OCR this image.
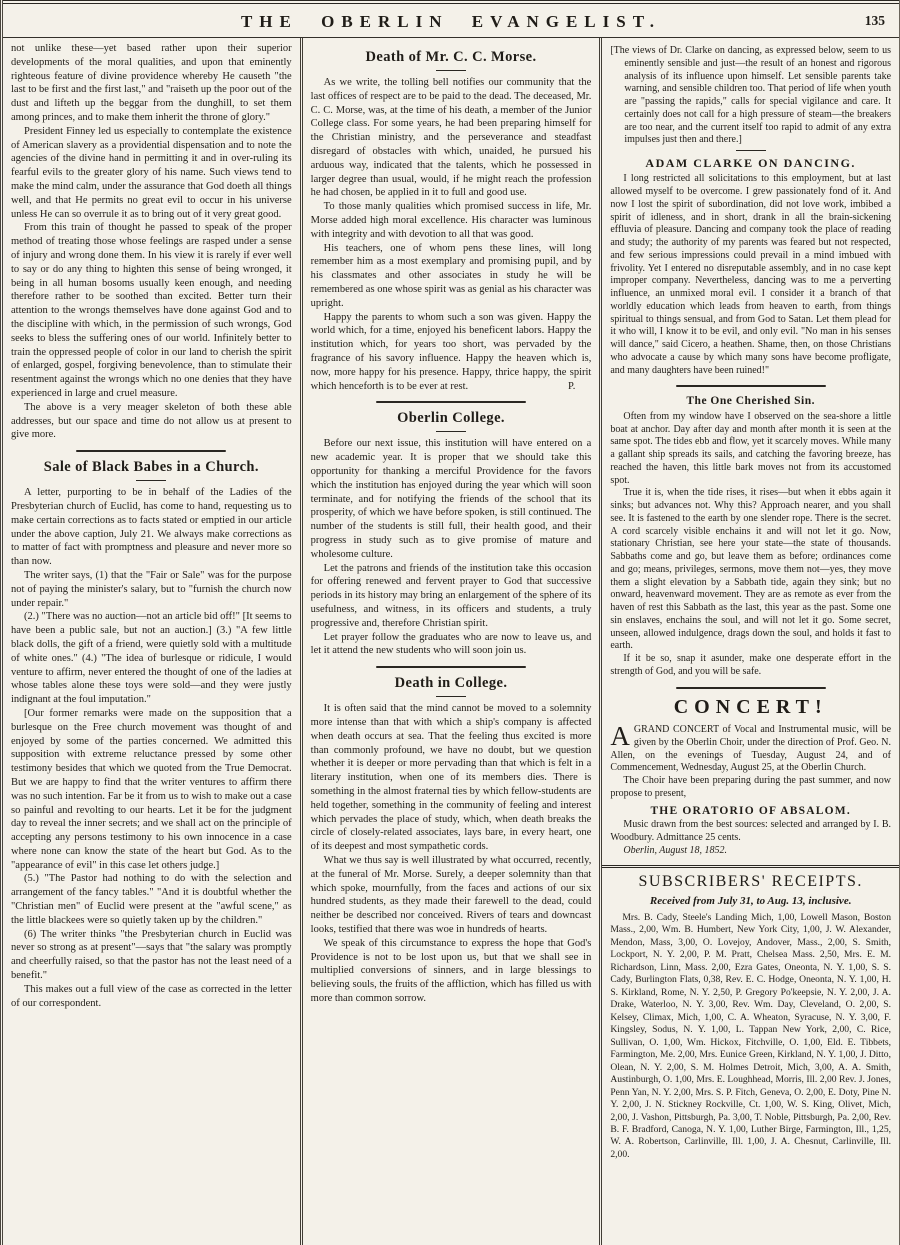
THE OBERLIN EVANGELIST.	135

not unlike these—yet based rather upon their superior developments of the moral qualities, and upon that eminently righteous feature of divine providence whereby He causeth "the last to be first and the first last," and "raiseth up the poor out of the dust and lifteth up the beggar from the dunghill, to set them among princes, and to make them inherit the throne of glory."

President Finney led us especially to contemplate the existence of American slavery as a providential dispensation and to note the agencies of the divine hand in permitting it and in over-ruling its fearful evils to the greater glory of his name. Such views tend to make the mind calm, under the assurance that God doeth all things well, and that He permits no great evil to occur in his universe unless He can so overrule it as to bring out of it very great good.

From this train of thought he passed to speak of the proper method of treating those whose feelings are rasped under a sense of injury and wrong done them. In his view it is rarely if ever well to say or do any thing to highten this sense of being wronged, it being in all human bosoms usually keen enough, and needing therefore rather to be soothed than excited. Better turn their attention to the wrongs themselves have done against God and to the discipline with which, in the permission of such wrongs, God seeks to bless the suffering ones of our world. Infinitely better to train the oppressed people of color in our land to cherish the spirit of enlarged, gospel, forgiving benevolence, than to stimulate their resentment against the wrongs which no one denies that they have experienced in large and cruel measure.

The above is a very meager skeleton of both these able addresses, but our space and time do not allow us at present to give more.

Sale of Black Babes in a Church.

A letter, purporting to be in behalf of the Ladies of the Presbyterian church of Euclid, has come to hand, requesting us to make certain corrections as to facts stated or emptied in our article under the above caption, July 21. We always make corrections as to matter of fact with promptness and pleasure and never more so than now.

The writer says, (1) that the "Fair or Sale" was for the purpose not of paying the minister's salary, but to "furnish the church now under repair."

(2.) "There was no auction—not an article bid off!" [It seems to have been a public sale, but not an auction.] (3.) "A few little black dolls, the gift of a friend, were quietly sold with a multitude of white ones." (4.) "The idea of burlesque or ridicule, I would venture to affirm, never entered the thought of one of the ladies at whose tables alone these toys were sold—and they were justly indignant at the foul imputation."

[Our former remarks were made on the supposition that a burlesque on the Free church movement was thought of and enjoyed by some of the parties concerned. We admitted this supposition with extreme reluctance pressed by some other testimony besides that which we quoted from the True Democrat. But we are happy to find that the writer ventures to affirm there was no such intention. Far be it from us to wish to make out a case so painful and revolting to our hearts. Let it be for the judgment day to reveal the inner secrets; and we shall act on the principle of accepting any persons testimony to his own innocence in a case where none can know the state of the heart but God. As to the "appearance of evil" in this case let others judge.]

(5.) "The Pastor had nothing to do with the selection and arrangement of the fancy tables." "And it is doubtful whether the "Christian men" of Euclid were present at the "awful scene," as the little blackees were so quietly taken up by the children."

(6) The writer thinks "the Presbyterian church in Euclid was never so strong as at present"—says that "the salary was promptly and cheerfully raised, so that the pastor has not the least need of a benefit."

This makes out a full view of the case as corrected in the letter of our correspondent.

Death of Mr. C. C. Morse.

As we write, the tolling bell notifies our community that the last offices of respect are to be paid to the dead. The deceased, Mr. C. C. Morse, was, at the time of his death, a member of the Junior College class. For some years, he had been preparing himself for the Christian ministry, and the perseverance and steadfast disregard of obstacles with which, unaided, he pursued his arduous way, indicated that the talents, which he possessed in larger degree than usual, would, if he might reach the profession he had chosen, be applied in it to full and good use.

To those manly qualities which promised success in life, Mr. Morse added high moral excellence. His character was luminous with integrity and with devotion to all that was good.

His teachers, one of whom pens these lines, will long remember him as a most exemplary and promising pupil, and by his classmates and other associates in study he will be remembered as one whose spirit was as genial as his character was upright.

Happy the parents to whom such a son was given. Happy the world which, for a time, enjoyed his beneficent labors. Happy the institution which, for years too short, was pervaded by the fragrance of his savory influence. Happy the heaven which is, now, more happy for his presence. Happy, thrice happy, the spirit which henceforth is to be ever at rest.	P.
Oberlin College.

Before our next issue, this institution will have entered on a new academic year. It is proper that we should take this opportunity for thanking a merciful Providence for the favors which the institution has enjoyed during the year which will soon terminate, and for notifying the friends of the school that its prosperity, of which we have before spoken, is still continued. The number of the students is still full, their health good, and their progress in study such as to give promise of mature and wholesome culture.

Let the patrons and friends of the institution take this occasion for offering renewed and fervent prayer to God that successive periods in its history may bring an enlargement of the sphere of its usefulness, and witness, in its officers and students, a truly progressive and, therefore Christian spirit.

Let prayer follow the graduates who are now to leave us, and let it attend the new students who will soon join us.

Death in College.

It is often said that the mind cannot be moved to a solemnity more intense than that with which a ship's company is affected when death occurs at sea. That the feeling thus excited is more than commonly profound, we have no doubt, but we question whether it is deeper or more pervading than that which is felt in a literary institution, when one of its members dies. There is something in the almost fraternal ties by which fellow-students are held together, something in the community of feeling and interest which pervades the place of study, which, when death breaks the circle of closely-related associates, lays bare, in every heart, one of its deepest and most sympathetic cords.

What we thus say is well illustrated by what occurred, recently, at the funeral of Mr. Morse. Surely, a deeper solemnity than that which spoke, mournfully, from the faces and actions of our six hundred students, as they made their farewell to the dead, could neither be described nor conceived. Rivers of tears and downcast looks, testified that there was woe in hundreds of hearts.

We speak of this circumstance to express the hope that God's Providence is not to be lost upon us, but that we shall see in multiplied conversions of sinners, and in large blessings to believing souls, the fruits of the affliction, which has filled us with more than common sorrow.

[The views of Dr. Clarke on dancing, as expressed below, seem to us eminently sensible and just—the result of an honest and rigorous analysis of its influence upon himself. Let sensible parents take warning, and sensible children too. That period of life when youth are "passing the rapids," calls for special vigilance and care. It certainly does not call for a high pressure of steam—the breakers are too near, and the current itself too rapid to admit of any extra impulses just then and there.]

ADAM CLARKE ON DANCING.

I long restricted all solicitations to this employment, but at last allowed myself to be overcome. I grew passionately fond of it. And now I lost the spirit of subordination, did not love work, imbibed a spirit of idleness, and in short, drank in all the brain-sickening effluvia of pleasure. Dancing and company took the place of reading and study; the authority of my parents was feared but not respected, and few serious impressions could prevail in a mind imbued with frivolity. Yet I entered no disreputable assembly, and in no case kept improper company. Nevertheless, dancing was to me a perverting influence, an unmixed moral evil. I consider it a branch of that worldly education which leads from heaven to earth, from things spiritual to things sensual, and from God to Satan. Let them plead for it who will, I know it to be evil, and only evil. "No man in his senses will dance," said Cicero, a heathen. Shame, then, on those Christians who advocate a cause by which many sons have become profligate, and many daughters have been ruined!"

The One Cherished Sin.

Often from my window have I observed on the sea-shore a little boat at anchor. Day after day and month after month it is seen at the same spot. The tides ebb and flow, yet it scarcely moves. While many a gallant ship spreads its sails, and catching the favoring breeze, has reached the haven, this little bark moves not from its accustomed spot.

True it is, when the tide rises, it rises—but when it ebbs again it sinks; but advances not. Why this? Approach nearer, and you shall see. It is fastened to the earth by one slender rope. There is the secret. A cord scarcely visible enchains it and will not let it go. Now, stationary Christian, see here your state—the state of thousands. Sabbaths come and go, but leave them as before; ordinances come and go; means, privileges, sermons, move them not—yes, they move them a slight elevation by a Sabbath tide, again they sink; but no onward, heavenward movement. They are as remote as ever from the haven of rest this Sabbath as the last, this year as the past. Some one sin enslaves, enchains the soul, and will not let it go. Some secret, unseen, allowed indulgence, drags down the soul, and holds it fast to earth.

If it be so, snap it asunder, make one desperate effort in the strength of God, and you will be safe.

CONCERT!

AGRAND CONCERT of Vocal and Instrumental music, will be given by the Oberlin Choir, under the direction of Prof. Geo. N. Allen, on the evenings of Tuesday, August 24, and of Commencement, Wednesday, August 25, at the Oberlin Church.

The Choir have been preparing during the past summer, and now propose to present,

THE ORATORIO OF ABSALOM.

Music drawn from the best sources: selected and arranged by I. B. Woodbury. Admittance 25 cents.

Oberlin, August 18, 1852.

SUBSCRIBERS' RECEIPTS.

Received from July 31, to Aug. 13, inclusive.

Mrs. B. Cady, Steele's Landing Mich, 1,00, Lowell Mason, Boston Mass., 2,00, Wm. B. Humbert, New York City, 1,00, J. W. Alexander, Mendon, Mass, 3,00, O. Lovejoy, Andover, Mass., 2,00, S. Smith, Lockport, N. Y. 2,00, P. M. Pratt, Chelsea Mass. 2,50, Mrs. E. M. Richardson, Linn, Mass. 2,00, Ezra Gates, Oneonta, N. Y. 1,00, S. S. Cady, Burlington Flats, 0,38, Rev. E. C. Hodge, Oneonta, N. Y. 1,00, H. S. Kirkland, Rome, N. Y. 2,50, P. Gregory Po'keepsie, N. Y. 2,00, J. A. Drake, Waterloo, N. Y. 3,00, Rev. Wm. Day, Cleveland, O. 2,00, S. Kelsey, Climax, Mich, 1,00, C. A. Wheaton, Syracuse, N. Y. 3,00, F. Kingsley, Sodus, N. Y. 1,00, L. Tappan New York, 2,00, C. Rice, Sullivan, O. 1,00, Wm. Hickox, Fitchville, O. 1,00, Eld. E. Tibbets, Farmington, Me. 2,00, Mrs. Eunice Green, Kirkland, N. Y. 1,00, J. Ditto, Olean, N. Y. 2,00, S. M. Holmes Detroit, Mich, 3,00, A. A. Smith, Austinburgh, O. 1,00, Mrs. E. Loughhead, Morris, Ill. 2,00 Rev. J. Jones, Penn Yan, N. Y. 2,00, Mrs. S. P. Fitch, Geneva, O. 2,00, E. Doty, Pine N. Y. 2,00, J. N. Stickney Rockville, Ct. 1,00, W. S. King, Olivet, Mich, 2,00, J. Vashon, Pittsburgh, Pa. 3,00, T. Noble, Pittsburgh, Pa. 2,00, Rev. B. F. Bradford, Canoga, N. Y. 1,00, Luther Birge, Farmington, Ill., 1,25, W. A. Robertson, Carlinville, Ill. 1,00, J. A. Chesnut, Carlinville, Ill. 2,00.
